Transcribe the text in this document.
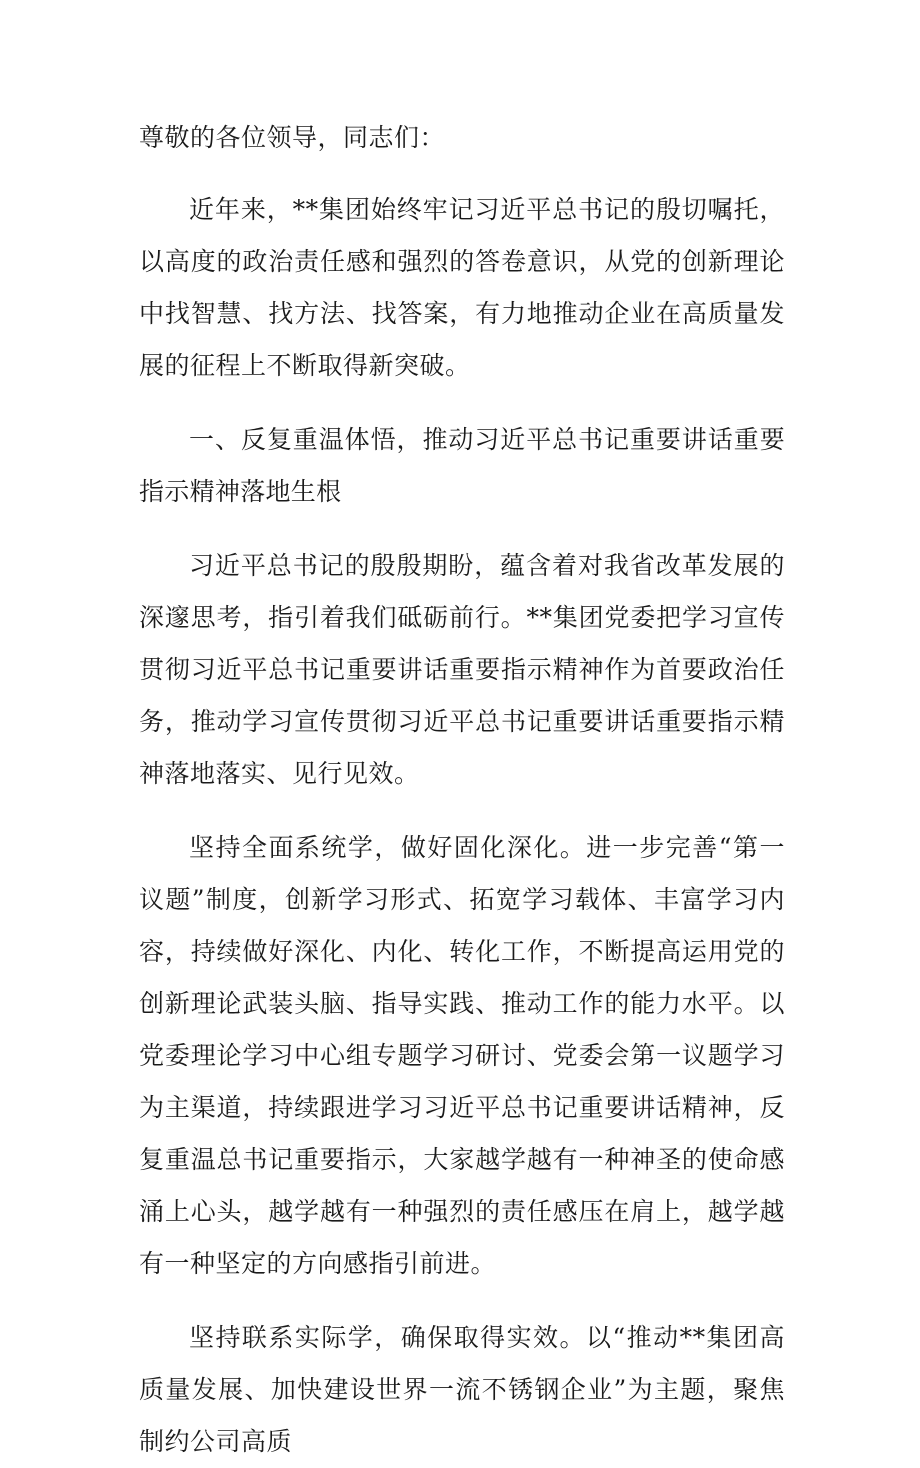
尊敬的各位领导，同志们：

近年来，**集团始终牢记习近平总书记的殷切嘱托，以高度的政治责任感和强烈的答卷意识，从党的创新理论中找智慧、找方法、找答案，有力地推动企业在高质量发展的征程上不断取得新突破。

一、反复重温体悟，推动习近平总书记重要讲话重要指示精神落地生根

习近平总书记的殷殷期盼，蕴含着对我省改革发展的深邃思考，指引着我们砥砺前行。**集团党委把学习宣传贯彻习近平总书记重要讲话重要指示精神作为首要政治任务，推动学习宣传贯彻习近平总书记重要讲话重要指示精神落地落实、见行见效。

坚持全面系统学，做好固化深化。进一步完善“第一议题”制度，创新学习形式、拓宽学习载体、丰富学习内容，持续做好深化、内化、转化工作，不断提高运用党的创新理论武装头脑、指导实践、推动工作的能力水平。以党委理论学习中心组专题学习研讨、党委会第一议题学习为主渠道，持续跟进学习习近平总书记重要讲话精神，反复重温总书记重要指示，大家越学越有一种神圣的使命感涌上心头，越学越有一种强烈的责任感压在肩上，越学越有一种坚定的方向感指引前进。

坚持联系实际学，确保取得实效。以“推动**集团高质量发展、加快建设世界一流不锈钢企业”为主题，聚焦制约公司高质
